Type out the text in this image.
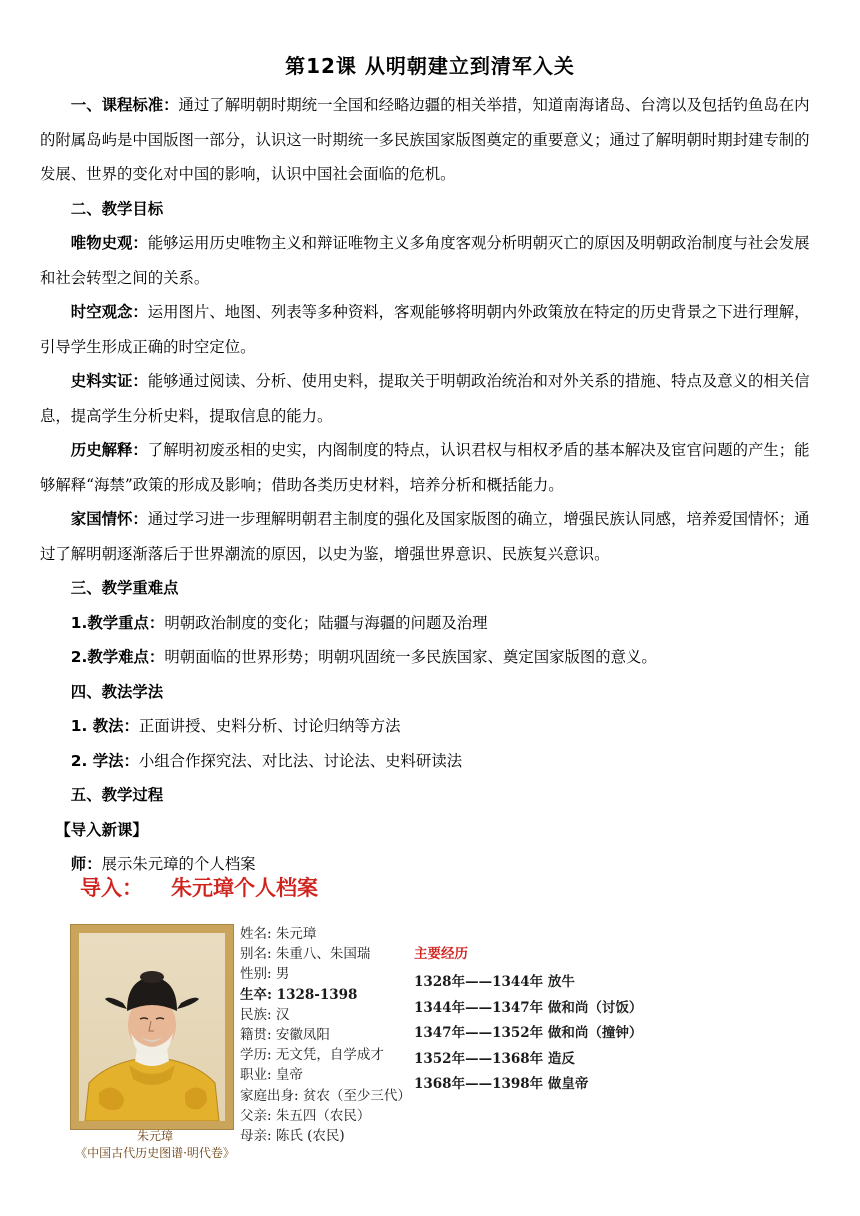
第12课 从明朝建立到清军入关

一、课程标准：通过了解明朝时期统一全国和经略边疆的相关举措，知道南海诸岛、台湾以及包括钓鱼岛在内的附属岛屿是中国版图一部分，认识这一时期统一多民族国家版图奠定的重要意义；通过了解明朝时期封建专制的发展、世界的变化对中国的影响，认识中国社会面临的危机。

二、教学目标

唯物史观：能够运用历史唯物主义和辩证唯物主义多角度客观分析明朝灭亡的原因及明朝政治制度与社会发展和社会转型之间的关系。

时空观念：运用图片、地图、列表等多种资料，客观能够将明朝内外政策放在特定的历史背景之下进行理解，引导学生形成正确的时空定位。

史料实证：能够通过阅读、分析、使用史料，提取关于明朝政治统治和对外关系的措施、特点及意义的相关信息，提高学生分析史料，提取信息的能力。

历史解释：了解明初废丞相的史实，内阁制度的特点，认识君权与相权矛盾的基本解决及宦官问题的产生；能够解释“海禁”政策的形成及影响；借助各类历史材料，培养分析和概括能力。

家国情怀：通过学习进一步理解明朝君主制度的强化及国家版图的确立，增强民族认同感，培养爱国情怀；通过了解明朝逐渐落后于世界潮流的原因，以史为鉴，增强世界意识、民族复兴意识。

三、教学重难点

1.教学重点：明朝政治制度的变化；陆疆与海疆的问题及治理

2.教学难点：明朝面临的世界形势；明朝巩固统一多民族国家、奠定国家版图的意义。

四、教法学法

1. 教法：正面讲授、史料分析、讨论归纳等方法

2. 学法：小组合作探究法、对比法、讨论法、史料研读法

五、教学过程

【导入新课】

师：展示朱元璋的个人档案

导入： 朱元璋个人档案
朱元璋
《中国古代历史图谱·明代卷》
姓名: 朱元璋
别名: 朱重八、朱国瑞
性别: 男
生卒: 1328-1398
民族: 汉
籍贯: 安徽凤阳
学历: 无文凭，自学成才
职业: 皇帝
家庭出身: 贫农（至少三代）
父亲: 朱五四（农民）
母亲: 陈氏 (农民)
主要经历
1328年——1344年 放牛
1344年——1347年 做和尚（讨饭）
1347年——1352年 做和尚（撞钟）
1352年——1368年 造反
1368年——1398年 做皇帝
